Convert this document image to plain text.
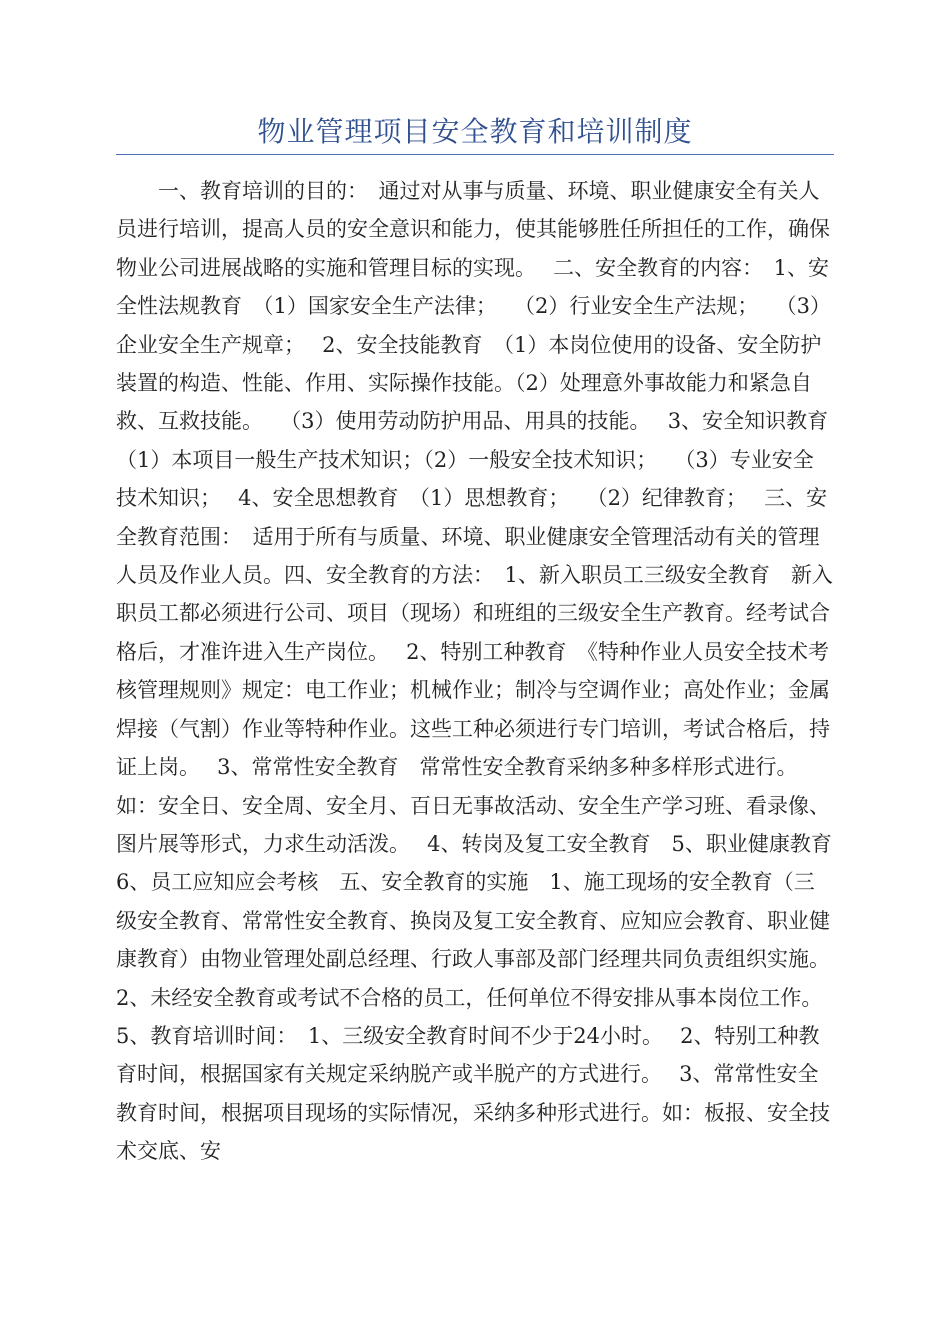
物业管理项目安全教育和培训制度
　　一、教育培训的目的：　通过对从事与质量、环境、职业健康安全有关人员进行培训，提高人员的安全意识和能力，使其能够胜任所担任的工作，确保物业公司进展战略的实施和管理目标的实现。　 二、安全教育的内容：　1、安全性法规教育　（1）国家安全生产法律；　 （2）行业安全生产法规；　 （3）企业安全生产规章；　 2、安全技能教育　（1）本岗位使用的设备、安全防护装置的构造、性能、作用、实际操作技能。（2）处理意外事故能力和紧急自救、互救技能。　 （3）使用劳动防护用品、用具的技能。　 3、安全知识教育　（1）本项目一般生产技术知识；（2）一般安全技术知识；　 （3）专业安全技术知识；　 4、安全思想教育　（1）思想教育；　 （2）纪律教育；　 三、安全教育范围：　适用于所有与质量、环境、职业健康安全管理活动有关的管理人员及作业人员。四、安全教育的方法：　1、新入职员工三级安全教育　新入职员工都必须进行公司、项目（现场）和班组的三级安全生产教育。经考试合格后，才准许进入生产岗位。　 2、特别工种教育　《特种作业人员安全技术考核管理规则》规定：电工作业；机械作业；制冷与空调作业；高处作业；金属焊接（气割）作业等特种作业。这些工种必须进行专门培训，考试合格后，持证上岗。　 3、常常性安全教育　常常性安全教育采纳多种多样形式进行。如：安全日、安全周、安全月、百日无事故活动、安全生产学习班、看录像、图片展等形式，力求生动活泼。　 4、转岗及复工安全教育　5、职业健康教育　6、员工应知应会考核　五、安全教育的实施　1、施工现场的安全教育（三级安全教育、常常性安全教育、换岗及复工安全教育、应知应会教育、职业健康教育）由物业管理处副总经理、行政人事部及部门经理共同负责组织实施。　 2、未经安全教育或考试不合格的员工，任何单位不得安排从事本岗位工作。　 5、教育培训时间：　1、三级安全教育时间不少于24小时。　 2、特别工种教育时间，根据国家有关规定采纳脱产或半脱产的方式进行。　 3、常常性安全教育时间，根据项目现场的实际情况，采纳多种形式进行。如：板报、安全技术交底、安
